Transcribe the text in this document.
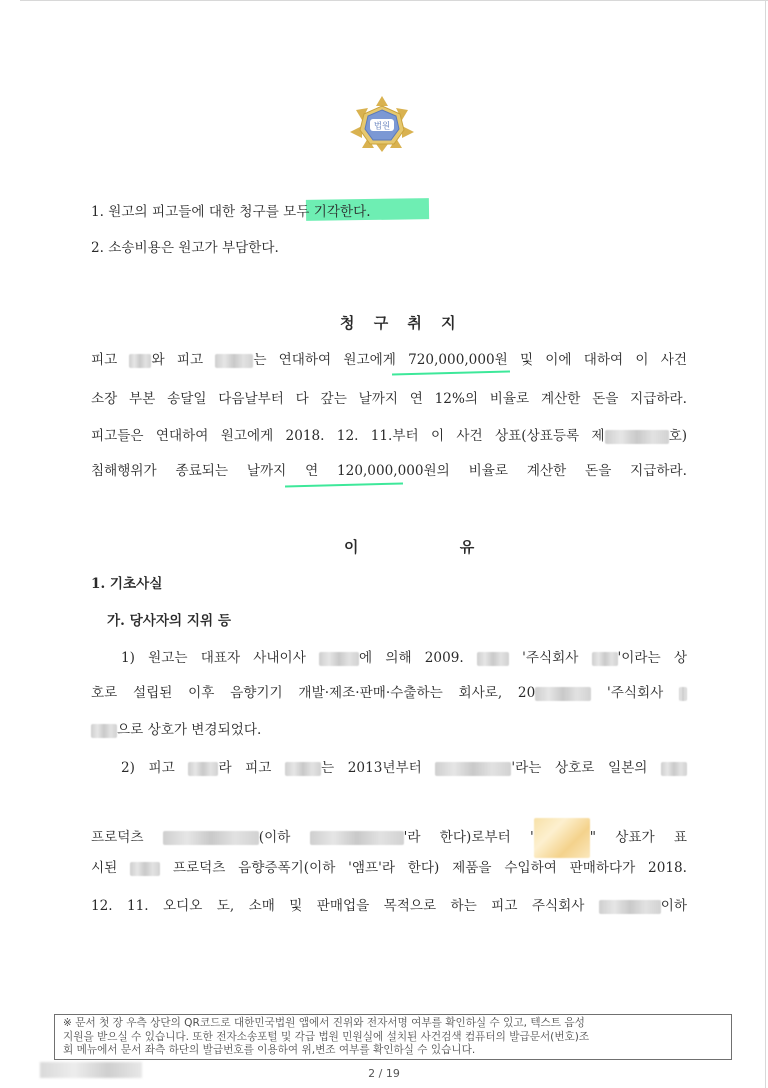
법원
1. 원고의 피고들에 대한 청구를 모두 기각한다.
2. 소송비용은 원고가 부담한다.
청 구 취 지
피고	와 피고	는 연대하여 원고에게 720,000,000원 및 이에 대하여 이 사건
소장 부본 송달일 다음날부터 다 갚는 날까지 연 12%의 비율로 계산한 돈을 지급하라.
피고들은 연대하여 원고에게 2018. 12. 11.부터 이 사건 상표(상표등록 제	호)
침해행위가 종료되는 날까지 연 120,000,000원의 비율로 계산한 돈을 지급하라.
이 유
1. 기초사실
가. 당사자의 지위 등
1) 원고는 대표자 사내이사	에 의해 2009.	'주식회사	'이라는 상
호로 설립된 이후 음향기기 개발·제조·판매·수출하는 회사로, 20	'주식회사
으로 상호가 변경되었다.
2) 피고	라 피고	는 2013년부터	'라는 상호로 일본의
프로덕츠	(이하	'라 한다)로부터 '	" 상표가 표
시된	프로덕츠 음향증폭기(이하 '앰프'라 한다) 제품을 수입하여 판매하다가 2018.
12. 11. 오디오 도, 소매 및 판매업을 목적으로 하는 피고 주식회사	이하
※ 문서 첫 장 우측 상단의 QR코드로 대한민국법원 앱에서 진위와 전자서명 여부를 확인하실 수 있고, 텍스트 음성
지원을 받으실 수 있습니다. 또한 전자소송포털 및 각급 법원 민원실에 설치된 사건검색 컴퓨터의 발급문서(번호)조
회 메뉴에서 문서 좌측 하단의 발급번호를 이용하여 위,변조 여부를 확인하실 수 있습니다.
2 / 19
